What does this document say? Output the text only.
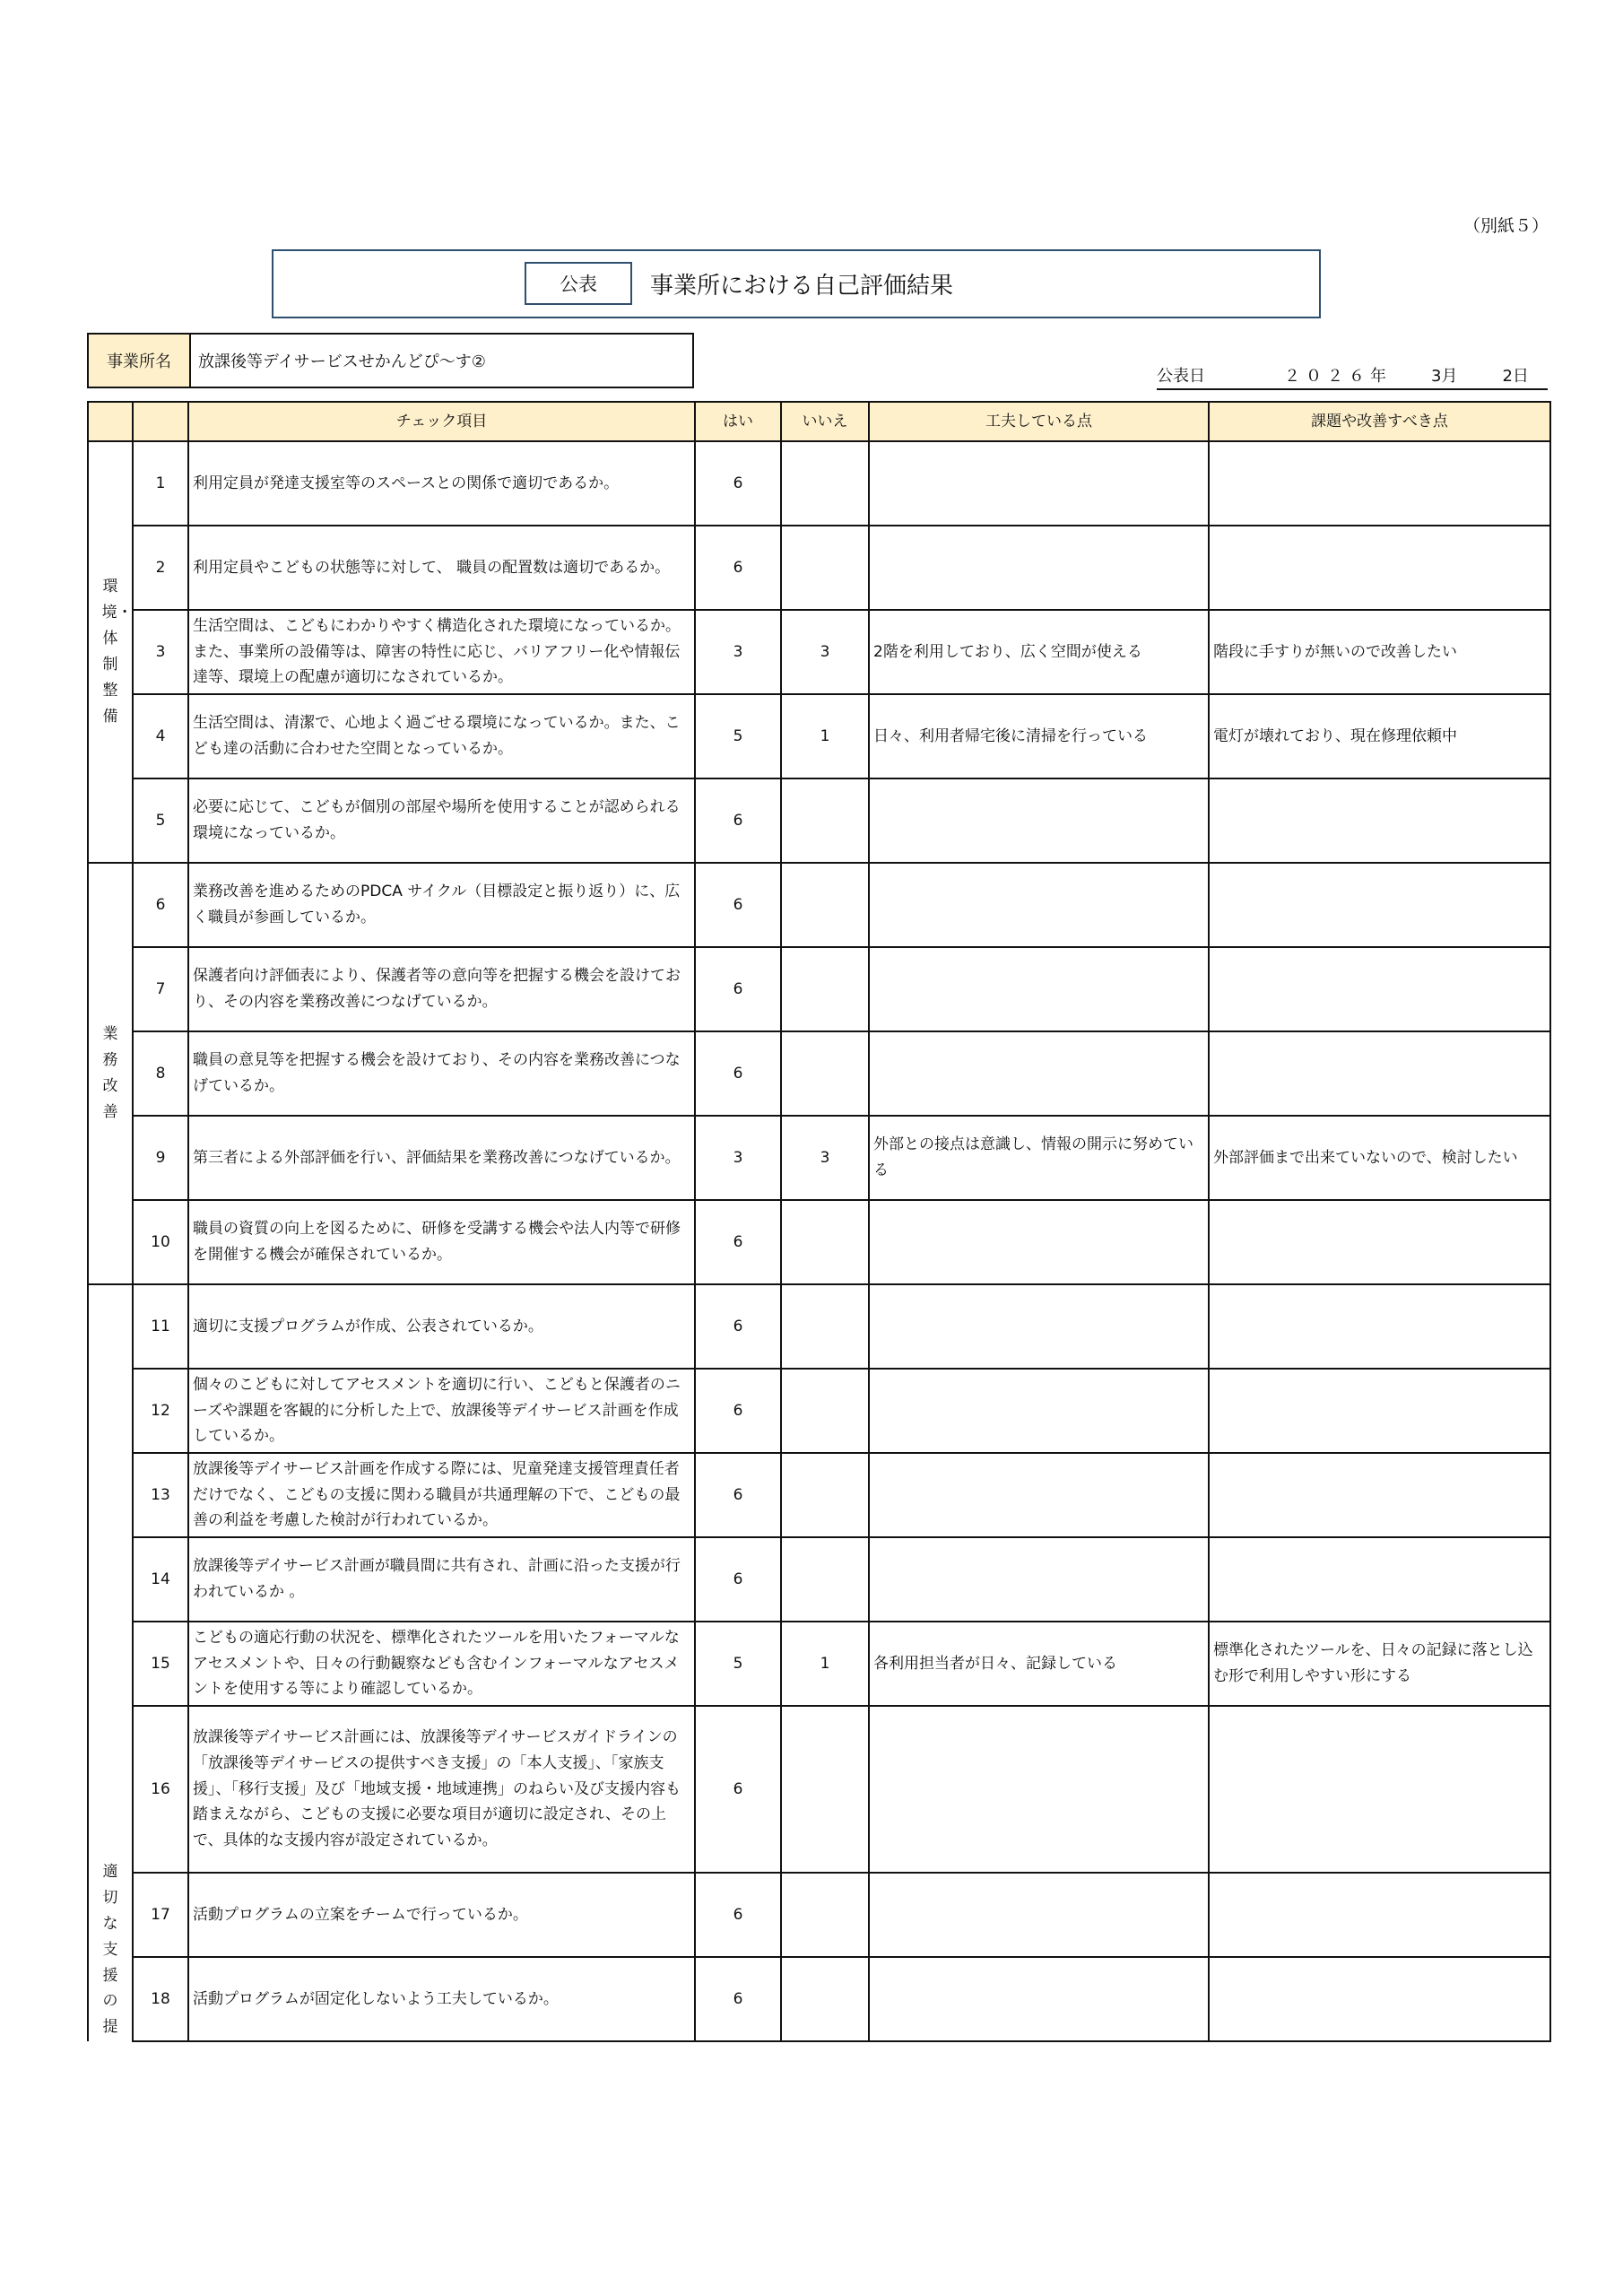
（別紙５）
公表	事業所における自己評価結果
事業所名	放課後等デイサービスせかんどぴ～す②
公表日	２０２６年 3月	2日
		チェック項目	はい	いいえ	工夫している点	課題や改善すべき点

環境・体制整備	1	利用定員が発達支援室等のスペースとの関係で適切であるか。	6			
	2	利用定員やこどもの状態等に対して、 職員の配置数は適切であるか。	6			
	3	生活空間は、こどもにわかりやすく構造化された環境になっているか。また、事業所の設備等は、障害の特性に応じ、バリアフリー化や情報伝達等、環境上の配慮が適切になされているか。	3	3	2階を利用しており、広く空間が使える	階段に手すりが無いので改善したい
	4	生活空間は、清潔で、心地よく過ごせる環境になっているか。また、こども達の活動に合わせた空間となっているか。	5	1	日々、利用者帰宅後に清掃を行っている	電灯が壊れており、現在修理依頼中
	5	必要に応じて、こどもが個別の部屋や場所を使用することが認められる環境になっているか。	6			

業務改善	6	業務改善を進めるためのPDCA サイクル（目標設定と振り返り）に、広く職員が参画しているか。	6			
	7	保護者向け評価表により、保護者等の意向等を把握する機会を設けており、その内容を業務改善につなげているか。	6			
	8	職員の意見等を把握する機会を設けており、その内容を業務改善につなげているか。	6			
	9	第三者による外部評価を行い、評価結果を業務改善につなげているか。	3	3	外部との接点は意識し、情報の開示に努めている	外部評価まで出来ていないので、検討したい
	10	職員の資質の向上を図るために、研修を受講する機会や法人内等で研修を開催する機会が確保されているか。	6			

適切な支援の提	11	適切に支援プログラムが作成、公表されているか。	6			
	12	個々のこどもに対してアセスメントを適切に行い、こどもと保護者のニーズや課題を客観的に分析した上で、放課後等デイサービス計画を作成しているか。	6			
	13	放課後等デイサービス計画を作成する際には、児童発達支援管理責任者だけでなく、こどもの支援に関わる職員が共通理解の下で、こどもの最善の利益を考慮した検討が行われているか。	6			
	14	放課後等デイサービス計画が職員間に共有され、計画に沿った支援が行われているか 。	6			
	15	こどもの適応行動の状況を、標準化されたツールを用いたフォーマルなアセスメントや、日々の行動観察なども含むインフォーマルなアセスメントを使用する等により確認しているか。	5	1	各利用担当者が日々、記録している	標準化されたツールを、日々の記録に落とし込む形で利用しやすい形にする
	16	放課後等デイサービス計画には、放課後等デイサービスガイドラインの「放課後等デイサービスの提供すべき支援」の「本人支援」、「家族支援」、「移行支援」及び「地域支援・地域連携」のねらい及び支援内容も踏まえながら、こどもの支援に必要な項目が適切に設定され、その上で、具体的な支援内容が設定されているか。	6			
	17	活動プログラムの立案をチームで行っているか。	6			
	18	活動プログラムが固定化しないよう工夫しているか。	6			
